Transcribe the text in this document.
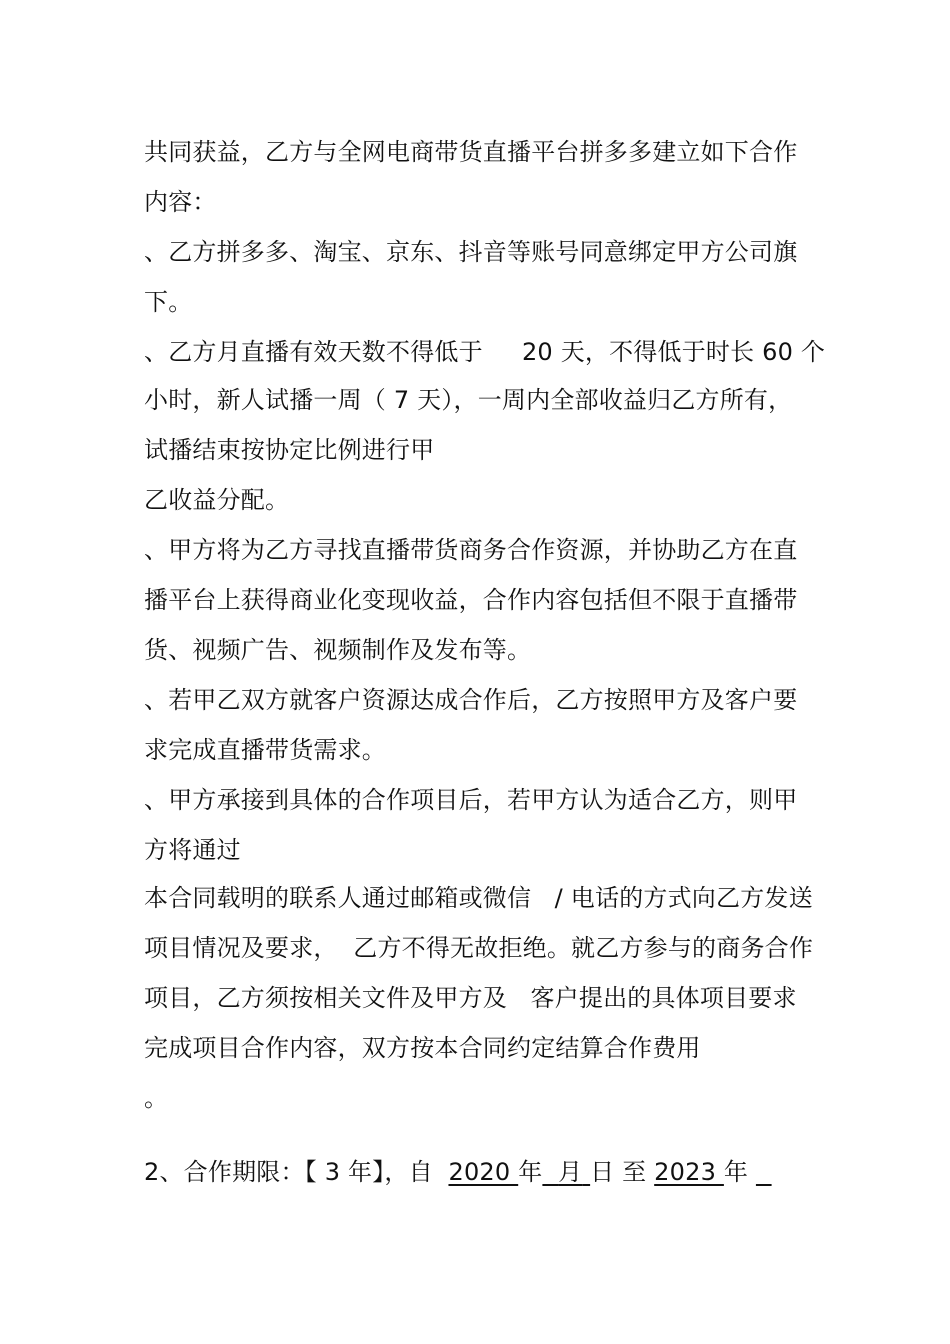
共同获益，乙方与全网电商带货直播平台拼多多建立如下合作
内容：
、乙方拼多多、淘宝、京东、抖音等账号同意绑定甲方公司旗
下。
、乙方月直播有效天数不得低于     20 天，不得低于时长 60 个
小时，新人试播一周（ 7 天），一周内全部收益归乙方所有，
试播结束按协定比例进行甲
乙收益分配。
、甲方将为乙方寻找直播带货商务合作资源，并协助乙方在直
播平台上获得商业化变现收益，合作内容包括但不限于直播带
货、视频广告、视频制作及发布等。
、若甲乙双方就客户资源达成合作后，乙方按照甲方及客户要
求完成直播带货需求。
、甲方承接到具体的合作项目后，若甲方认为适合乙方，则甲
方将通过
本合同载明的联系人通过邮箱或微信   / 电话的方式向乙方发送
项目情况及要求，  乙方不得无故拒绝。就乙方参与的商务合作
项目，乙方须按相关文件及甲方及   客户提出的具体项目要求
完成项目合作内容，双方按本合同约定结算合作费用
。
2、合作期限：【 3 年】，自  2020 年 月 日 至 2023 年
